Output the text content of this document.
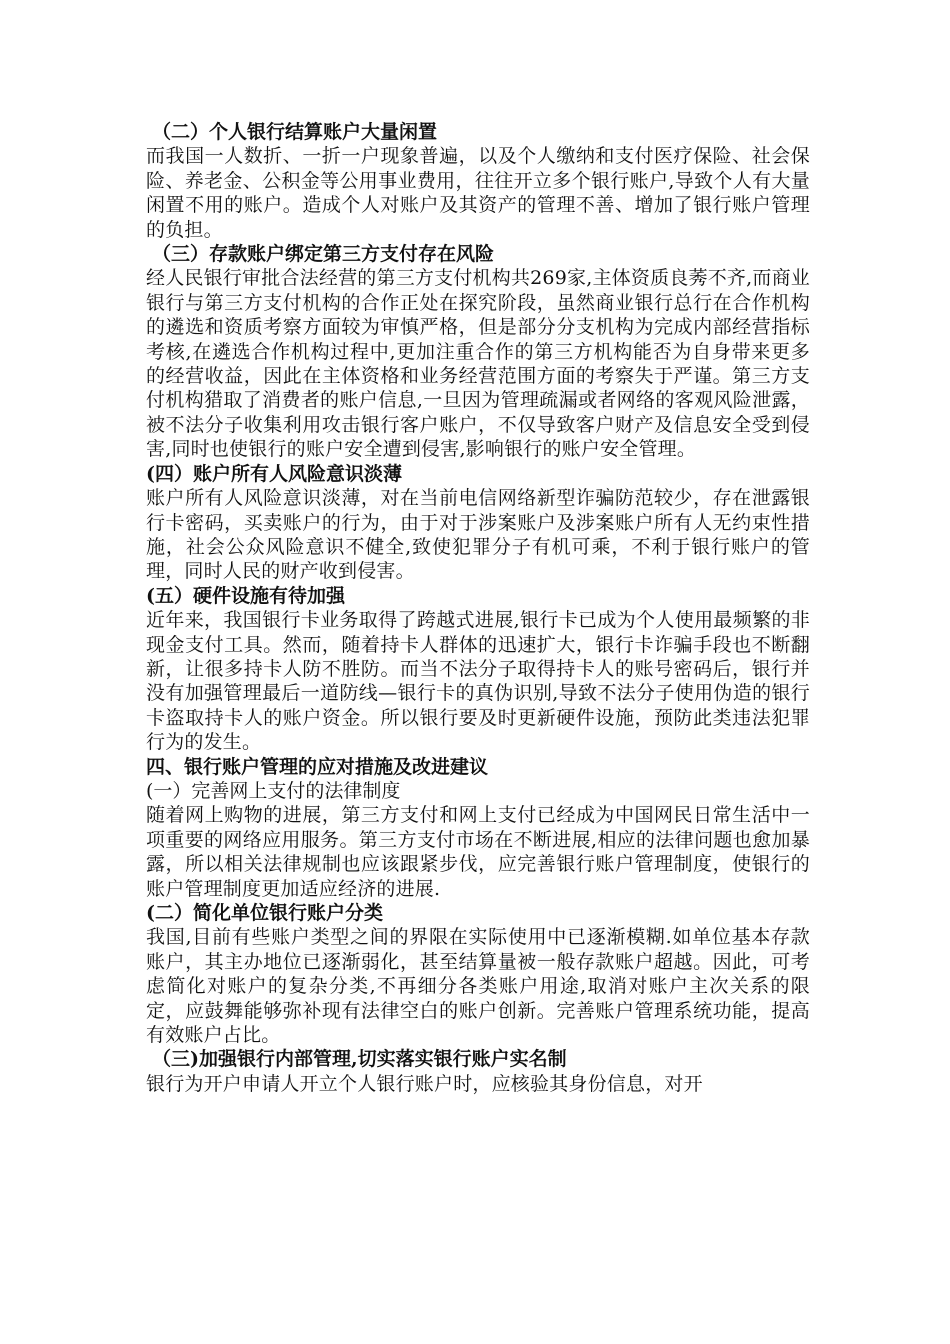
（二）个人银行结算账户大量闲置
而我国一人数折、一折一户现象普遍，以及个人缴纳和支付医疗保险、社会保险、养老金、公积金等公用事业费用，往往开立多个银行账户,导致个人有大量闲置不用的账户。造成个人对账户及其资产的管理不善、增加了银行账户管理的负担。
（三）存款账户绑定第三方支付存在风险
经人民银行审批合法经营的第三方支付机构共269家,主体资质良莠不齐,而商业银行与第三方支付机构的合作正处在探究阶段，虽然商业银行总行在合作机构的遴选和资质考察方面较为审慎严格，但是部分分支机构为完成内部经营指标考核,在遴选合作机构过程中,更加注重合作的第三方机构能否为自身带来更多的经营收益，因此在主体资格和业务经营范围方面的考察失于严谨。第三方支付机构猎取了消费者的账户信息,一旦因为管理疏漏或者网络的客观风险泄露，被不法分子收集利用攻击银行客户账户，不仅导致客户财产及信息安全受到侵害,同时也使银行的账户安全遭到侵害,影响银行的账户安全管理。
(四）账户所有人风险意识淡薄
账户所有人风险意识淡薄，对在当前电信网络新型诈骗防范较少，存在泄露银行卡密码，买卖账户的行为，由于对于涉案账户及涉案账户所有人无约束性措施，社会公众风险意识不健全,致使犯罪分子有机可乘，不利于银行账户的管理，同时人民的财产收到侵害。
(五）硬件设施有待加强
近年来，我国银行卡业务取得了跨越式进展,银行卡已成为个人使用最频繁的非现金支付工具。然而，随着持卡人群体的迅速扩大，银行卡诈骗手段也不断翻新，让很多持卡人防不胜防。而当不法分子取得持卡人的账号密码后，银行并没有加强管理最后一道防线—银行卡的真伪识别,导致不法分子使用伪造的银行卡盗取持卡人的账户资金。所以银行要及时更新硬件设施，预防此类违法犯罪行为的发生。
四、银行账户管理的应对措施及改进建议
(一）完善网上支付的法律制度
随着网上购物的进展，第三方支付和网上支付已经成为中国网民日常生活中一项重要的网络应用服务。第三方支付市场在不断进展,相应的法律问题也愈加暴露，所以相关法律规制也应该跟紧步伐，应完善银行账户管理制度，使银行的账户管理制度更加适应经济的进展.
(二）简化单位银行账户分类
我国,目前有些账户类型之间的界限在实际使用中已逐渐模糊.如单位基本存款账户，其主办地位已逐渐弱化，甚至结算量被一般存款账户超越。因此，可考虑简化对账户的复杂分类,不再细分各类账户用途,取消对账户主次关系的限定，应鼓舞能够弥补现有法律空白的账户创新。完善账户管理系统功能，提高有效账户占比。
（三)加强银行内部管理,切实落实银行账户实名制
银行为开户申请人开立个人银行账户时，应核验其身份信息，对开
